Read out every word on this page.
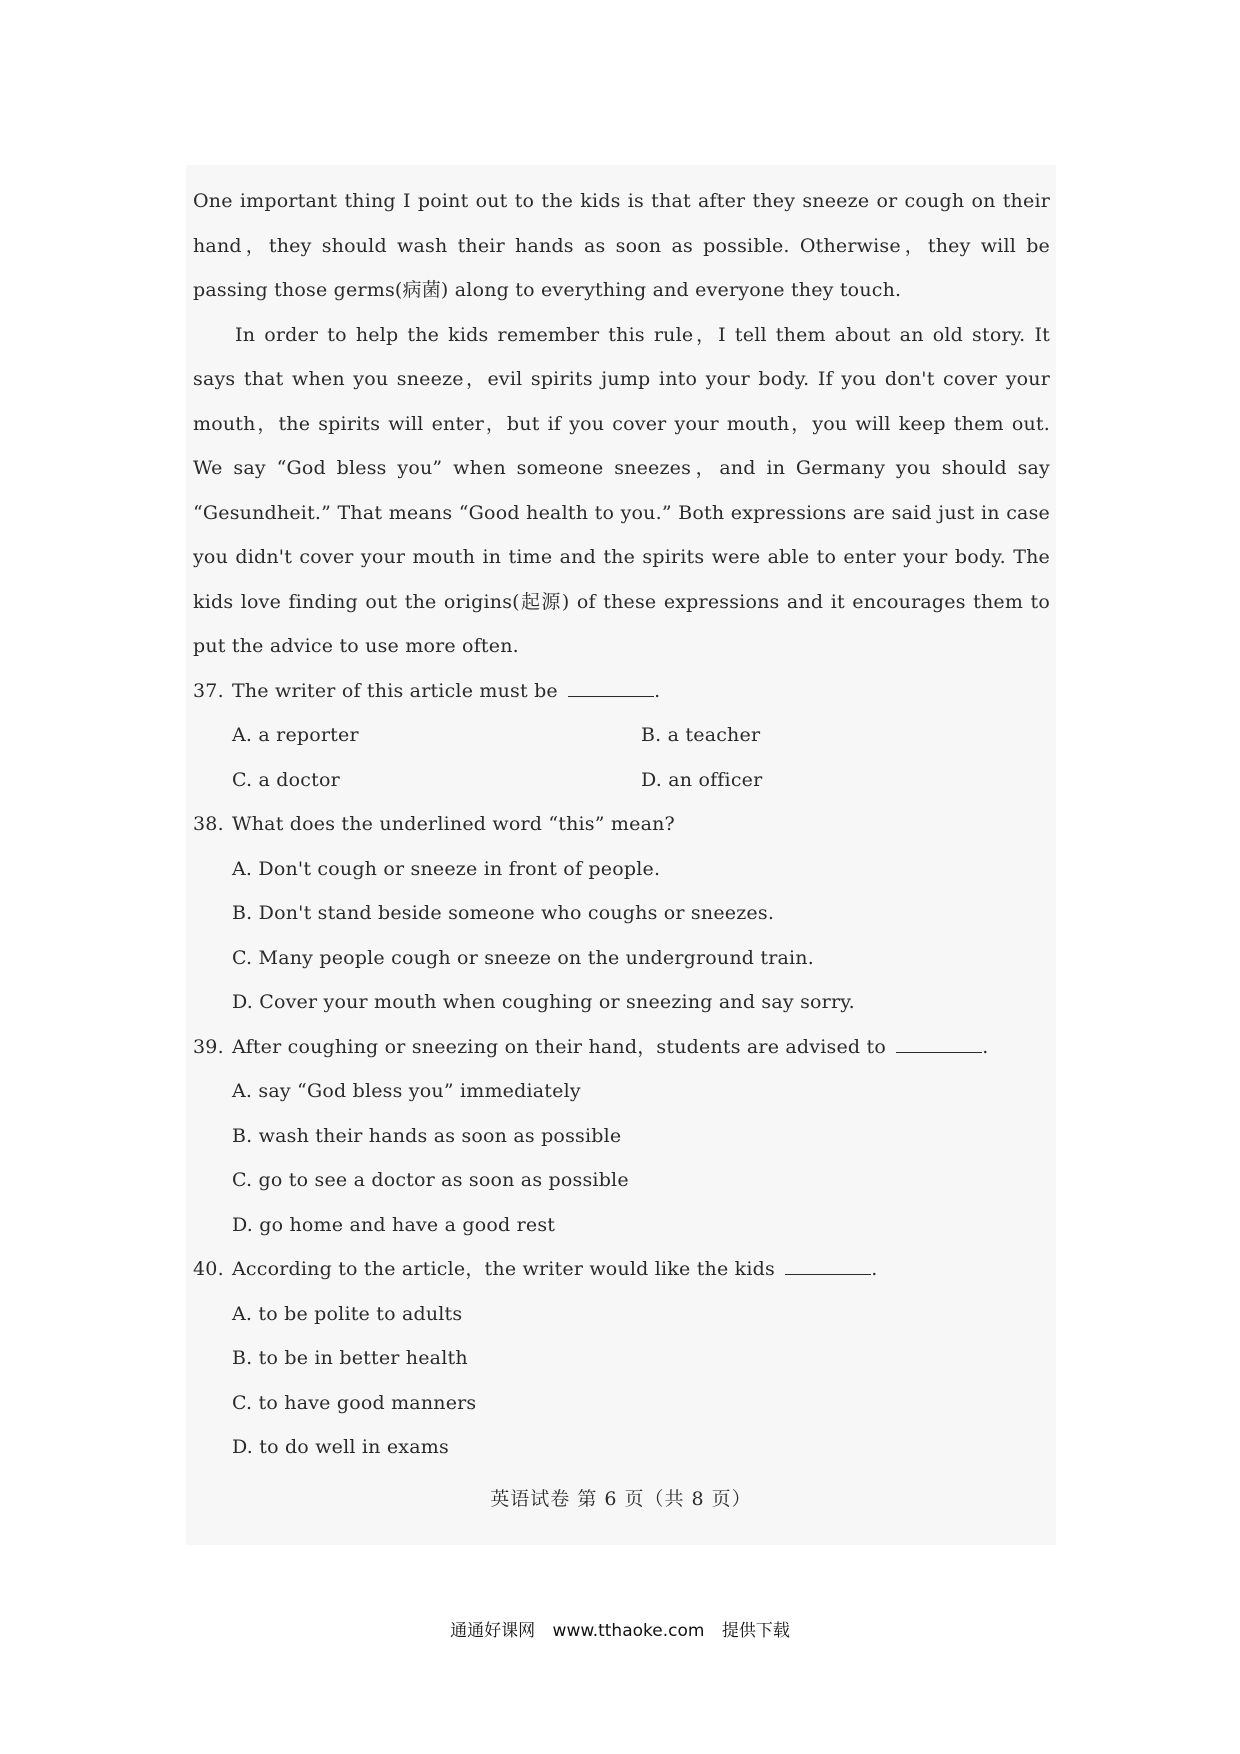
One important thing I point out to the kids is that after they sneeze or cough on their hand，they should wash their hands as soon as possible. Otherwise，they will be passing those germs(病菌) along to everything and everyone they touch.
In order to help the kids remember this rule，I tell them about an old story. It says that when you sneeze，evil spirits jump into your body. If you don't cover your mouth，the spirits will enter，but if you cover your mouth，you will keep them out. We say “God bless you” when someone sneezes，and in Germany you should say “Gesundheit.” That means “Good health to you.” Both expressions are said just in case you didn't cover your mouth in time and the spirits were able to enter your body. The kids love finding out the origins(起源) of these expressions and it encourages them to put the advice to use more often.

37. The writer of this article must be	.

A. a reporter	B. a teacher

C. a doctor	D. an officer

38. What does the underlined word “this” mean?

A. Don't cough or sneeze in front of people.

B. Don't stand beside someone who coughs or sneezes.

C. Many people cough or sneeze on the underground train.

D. Cover your mouth when coughing or sneezing and say sorry.

39. After coughing or sneezing on their hand，students are advised to	.

A. say “God bless you” immediately

B. wash their hands as soon as possible

C. go to see a doctor as soon as possible

D. go home and have a good rest

40. According to the article，the writer would like the kids	.

A. to be polite to adults

B. to be in better health

C. to have good manners

D. to do well in exams

英语试卷 第 6 页（共 8 页）
通通好课网 www.tthaoke.com 提供下载
